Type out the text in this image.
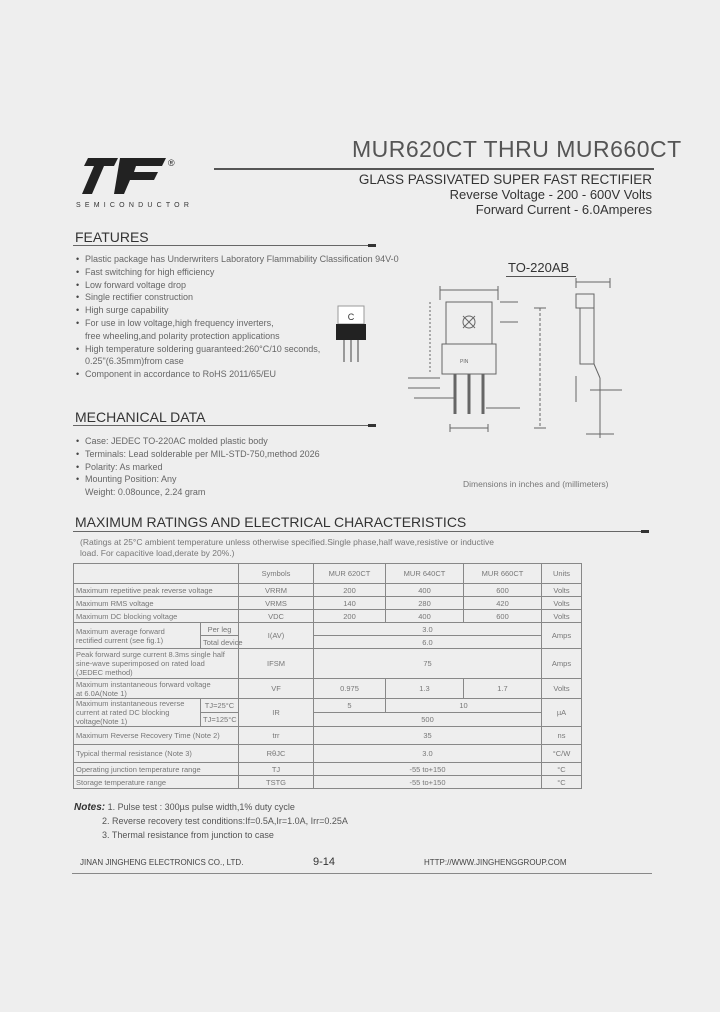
®
SEMICONDUCTOR
MUR620CT THRU MUR660CT
GLASS PASSIVATED SUPER FAST RECTIFIER
Reverse Voltage - 200 - 600V Volts
Forward Current - 6.0Amperes
FEATURES
• Plastic package has Underwriters Laboratory Flammability Classification 94V-0
• Fast switching for high efficiency
• Low forward voltage drop
• Single rectifier construction
• High surge capability
• For use in low voltage,high frequency inverters,
free wheeling,and polarity protection applications
• High temperature soldering guaranteed:260°C/10 seconds,
0.25"(6.35mm)from case
• Component in accordance to RoHS 2011/65/EU
C
TO-220AB
PIN
Dimensions in inches and (millimeters)
MECHANICAL DATA
• Case: JEDEC TO-220AC molded plastic body
• Terminals: Lead solderable per MIL-STD-750,method 2026
• Polarity: As marked
• Mounting Position: Any
Weight: 0.08ounce, 2.24 gram
MAXIMUM RATINGS AND ELECTRICAL CHARACTERISTICS
(Ratings at 25°C ambient temperature unless otherwise specified.Single phase,half wave,resistive or inductive
load. For capacitive load,derate by 20%.)
		Symbols	MUR 620CT	MUR 640CT	MUR 660CT	Units
Maximum repetitive peak reverse voltage		VRRM	200	400	600	Volts
Maximum RMS voltage		VRMS	140	280	420	Volts
Maximum DC blocking voltage		VDC	200	400	600	Volts

Maximum average forward
rectified current (see fig.1)	Per leg	I(AV)	3.0			Amps
	Total device		6.0			

Peak forward surge current 8.3ms single half
sine-wave superimposed on rated load
(JEDEC method)		IFSM	75			Amps

Maximum instantaneous forward voltage
at 6.0A(Note 1)		VF	0.975	1.3	1.7	Volts

Maximum instantaneous reverse
current at rated DC blocking
voltage(Note 1)	TJ=25°C	IR	5	10		µA
	TJ=125°C		500			
Maximum Reverse Recovery Time (Note 2)		trr	35			ns
Typical thermal resistance (Note 3)		RθJC	3.0			°C/W
Operating junction temperature range		TJ	-55 to+150			°C
Storage temperature range		TSTG	-55 to+150			°C
Notes: 1. Pulse test : 300µs pulse width,1% duty cycle
2. Reverse recovery test conditions:If=0.5A,Ir=1.0A, Irr=0.25A
3. Thermal resistance from junction to case
JINAN JINGHENG ELECTRONICS CO., LTD.	9-14	HTTP://WWW.JINGHENGGROUP.COM
